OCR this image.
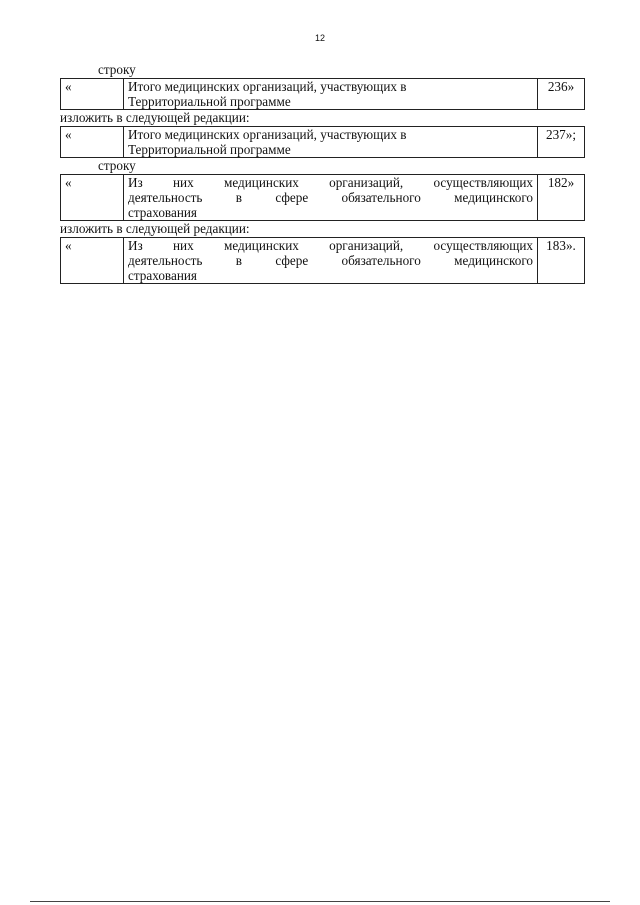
12
строку
«	Итого медицинских организаций, участвующих в
Территориальной программе
	236»
изложить в следующей редакции:
«	Итого медицинских организаций, участвующих в
Территориальной программе
	237»;
строку
«	Из них медицинских организаций, осуществляющих
деятельность в сфере обязательного медицинского
страхования
	182»
изложить в следующей редакции:
«	Из них медицинских организаций, осуществляющих
деятельность в сфере обязательного медицинского
страхования
	183».
